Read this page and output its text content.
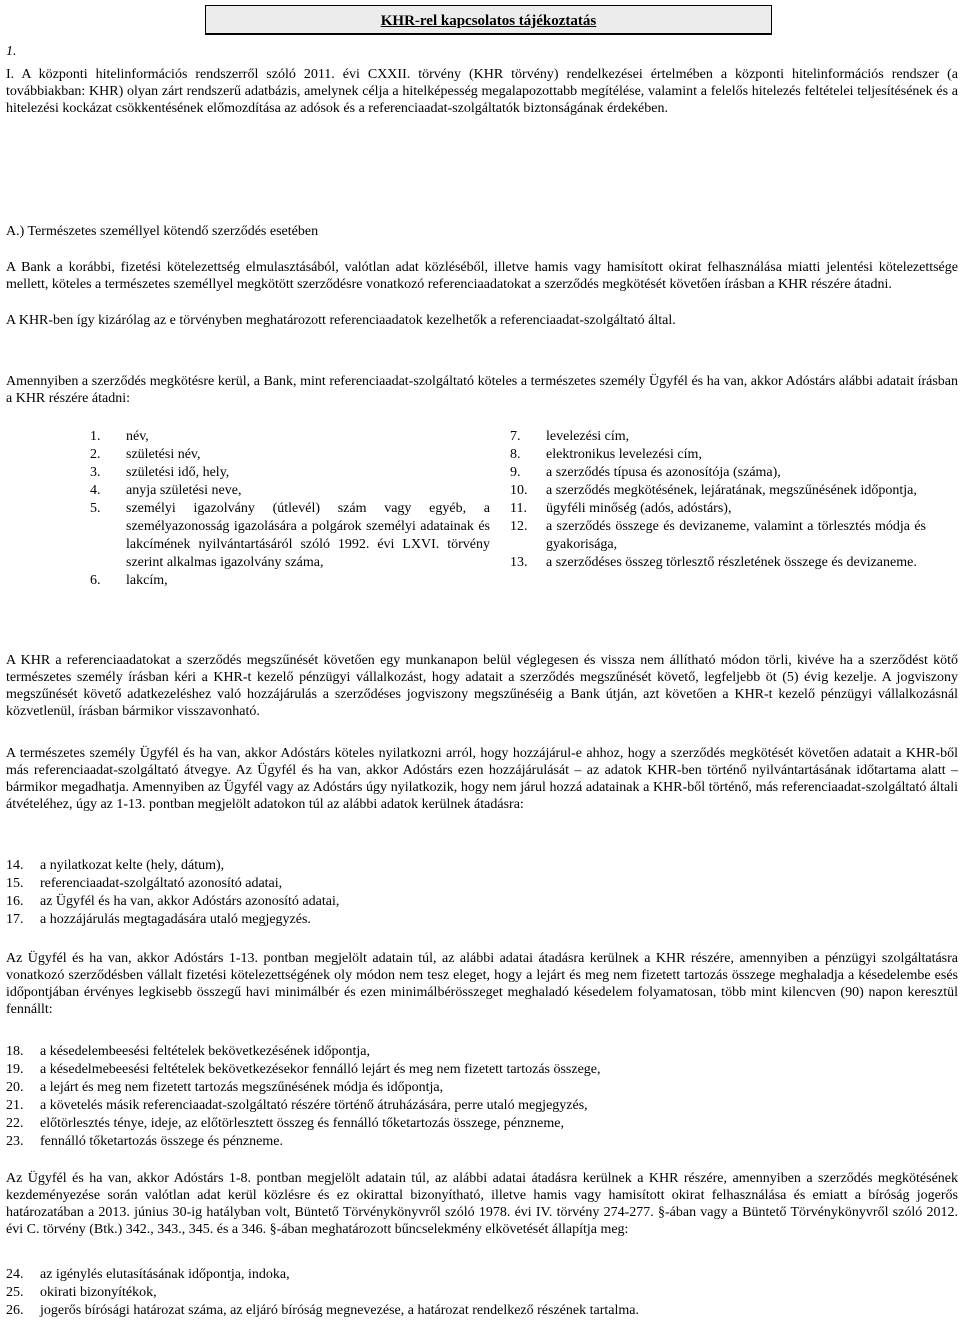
KHR-rel kapcsolatos tájékoztatás
1.

I. A központi hitelinformációs rendszerről szóló 2011. évi CXXII. törvény (KHR törvény) rendelkezései értelmében a központi hitelinformációs rendszer (a továbbiakban: KHR) olyan zárt rendszerű adatbázis, amelynek célja a hitelképesség megalapozottabb megítélése, valamint a felelős hitelezés feltételei teljesítésének és a hitelezési kockázat csökkentésének előmozdítása az adósok és a referenciaadat-szolgáltatók biztonságának érdekében.

A.) Természetes személlyel kötendő szerződés esetében

A Bank a korábbi, fizetési kötelezettség elmulasztásából, valótlan adat közléséből, illetve hamis vagy hamisított okirat felhasználása miatti jelentési kötelezettsége mellett, köteles a természetes személlyel megkötött szerződésre vonatkozó referenciaadatokat a szerződés megkötését követően írásban a KHR részére átadni.

A KHR-ben így kizárólag az e törvényben meghatározott referenciaadatok kezelhetők a referenciaadat-szolgáltató által.

Amennyiben a szerződés megkötésre kerül, a Bank, mint referenciaadat-szolgáltató köteles a természetes személy Ügyfél és ha van, akkor Adóstárs alábbi adatait írásban a KHR részére átadni:

1.	név,
2.	születési név,
3.	születési idő, hely,
4.	anyja születési neve,
5.	személyi igazolvány (útlevél) szám vagy egyéb, a személyazonosság igazolására a polgárok személyi adatainak és lakcímének nyilvántartásáról szóló 1992. évi LXVI. törvény szerint alkalmas igazolvány száma,
6.	lakcím,
7.	levelezési cím,
8.	elektronikus levelezési cím,
9.	a szerződés típusa és azonosítója (száma),
10.	a szerződés megkötésének, lejáratának, megszűnésének időpontja,
11.	ügyféli minőség (adós, adóstárs),
12.	a szerződés összege és devizaneme, valamint a törlesztés módja és gyakorisága,
13.	a szerződéses összeg törlesztő részletének összege és devizaneme.

A KHR a referenciaadatokat a szerződés megszűnését követően egy munkanapon belül véglegesen és vissza nem állítható módon törli, kivéve ha a szerződést kötő természetes személy írásban kéri a KHR-t kezelő pénzügyi vállalkozást, hogy adatait a szerződés megszűnését követő, legfeljebb öt (5) évig kezelje. A jogviszony megszűnését követő adatkezeléshez való hozzájárulás a szerződéses jogviszony megszűnéséig a Bank útján, azt követően a KHR-t kezelő pénzügyi vállalkozásnál közvetlenül, írásban bármikor visszavonható.

A természetes személy Ügyfél és ha van, akkor Adóstárs köteles nyilatkozni arról, hogy hozzájárul-e ahhoz, hogy a szerződés megkötését követően adatait a KHR-ből más referenciaadat-szolgáltató átvegye. Az Ügyfél és ha van, akkor Adóstárs ezen hozzájárulását – az adatok KHR-ben történő nyilvántartásának időtartama alatt – bármikor megadhatja. Amennyiben az Ügyfél vagy az Adóstárs úgy nyilatkozik, hogy nem járul hozzá adatainak a KHR-ből történő, más referenciaadat-szolgáltató általi átvételéhez, úgy az 1-13. pontban megjelölt adatokon túl az alábbi adatok kerülnek átadásra:

14.	a nyilatkozat kelte (hely, dátum),
15.	referenciaadat-szolgáltató azonosító adatai,
16.	az Ügyfél és ha van, akkor Adóstárs azonosító adatai,
17.	a hozzájárulás megtagadására utaló megjegyzés.

Az Ügyfél és ha van, akkor Adóstárs 1-13. pontban megjelölt adatain túl, az alábbi adatai átadásra kerülnek a KHR részére, amennyiben a pénzügyi szolgáltatásra vonatkozó szerződésben vállalt fizetési kötelezettségének oly módon nem tesz eleget, hogy a lejárt és meg nem fizetett tartozás összege meghaladja a késedelembe esés időpontjában érvényes legkisebb összegű havi minimálbér és ezen minimálbérösszeget meghaladó késedelem folyamatosan, több mint kilencven (90) napon keresztül fennállt:

18.	a késedelembeesési feltételek bekövetkezésének időpontja,
19.	a késedelmebeesési feltételek bekövetkezésekor fennálló lejárt és meg nem fizetett tartozás összege,
20.	a lejárt és meg nem fizetett tartozás megszűnésének módja és időpontja,
21.	a követelés másik referenciaadat-szolgáltató részére történő átruházására, perre utaló megjegyzés,
22.	előtörlesztés ténye, ideje, az előtörlesztett összeg és fennálló tőketartozás összege, pénzneme,
23.	fennálló tőketartozás összege és pénzneme.

Az Ügyfél és ha van, akkor Adóstárs 1-8. pontban megjelölt adatain túl, az alábbi adatai átadásra kerülnek a KHR részére, amennyiben a szerződés megkötésének kezdeményezése során valótlan adat kerül közlésre és ez okirattal bizonyítható, illetve hamis vagy hamisított okirat felhasználása és emiatt a bíróság jogerős határozatában a 2013. június 30-ig hatályban volt, Büntető Törvénykönyvről szóló 1978. évi IV. törvény 274-277. §-ában vagy a Büntető Törvénykönyvről szóló 2012. évi C. törvény (Btk.) 342., 343., 345. és a 346. §-ában meghatározott bűncselekmény elkövetését állapítja meg:

24.	az igénylés elutasításának időpontja, indoka,
25.	okirati bizonyítékok,
26.	jogerős bírósági határozat száma, az eljáró bíróság megnevezése, a határozat rendelkező részének tartalma.
